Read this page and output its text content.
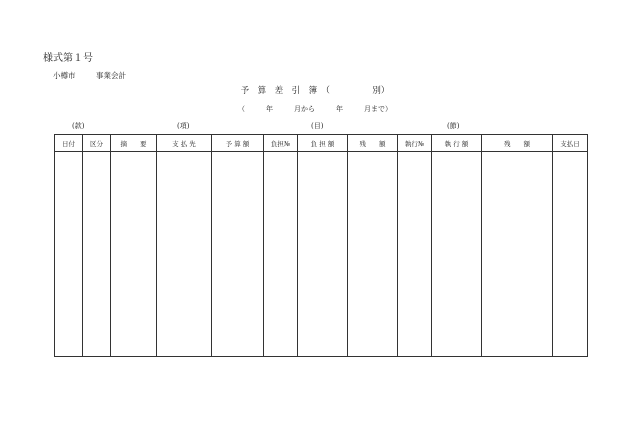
様式第１号
小樽市	事業会計
予　算　差　引　簿　（　　　　　別）
（　　　年　　　月から　　　年　　　月まで）
(款)	(項)	(目)	(節)
日付	区分	摘　　要	支 払 先	予 算 額	負担№	負 担 額	残　　額	執行№	執 行 額	残　　額	支払日
